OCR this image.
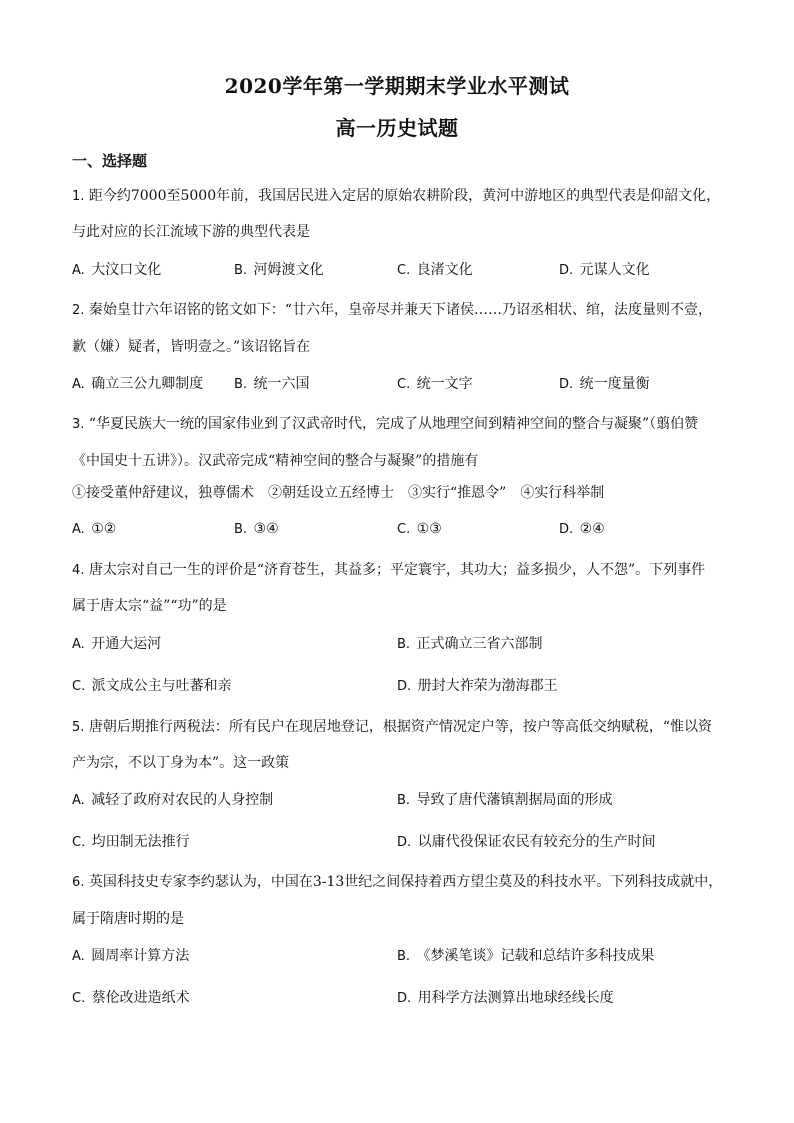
2020学年第一学期期末学业水平测试
高一历史试题
一、选择题
1. 距今约7000至5000年前，我国居民进入定居的原始农耕阶段，黄河中游地区的典型代表是仰韶文化，
与此对应的长江流域下游的典型代表是
A. 大汶口文化	B. 河姆渡文化	C. 良渚文化	D. 元谋人文化
2. 秦始皇廿六年诏铭的铭文如下：“廿六年，皇帝尽并兼天下诸侯……乃诏丞相状、绾，法度量则不壹，
歉（嫌）疑者，皆明壹之。”该诏铭旨在
A. 确立三公九卿制度 B. 统一六国	C. 统一文字	D. 统一度量衡
3. “华夏民族大一统的国家伟业到了汉武帝时代，完成了从地理空间到精神空间的整合与凝聚”（翦伯赞
《中国史十五讲》）。汉武帝完成“精神空间的整合与凝聚”的措施有
①接受董仲舒建议，独尊儒术　②朝廷设立五经博士　③实行“推恩令”　④实行科举制
A. ①②	B. ③④	C. ①③	D. ②④
4. 唐太宗对自己一生的评价是“济育苍生，其益多；平定寰宇，其功大；益多损少，人不怨”。下列事件
属于唐太宗“益”“功”的是
A. 开通大运河	B. 正式确立三省六部制
C. 派文成公主与吐蕃和亲	D. 册封大祚荣为渤海郡王
5. 唐朝后期推行两税法：所有民户在现居地登记，根据资产情况定户等，按户等高低交纳赋税，“惟以资
产为宗，不以丁身为本”。这一政策
A. 减轻了政府对农民的人身控制	B. 导致了唐代藩镇割据局面的形成
C. 均田制无法推行	D. 以庸代役保证农民有较充分的生产时间
6. 英国科技史专家李约瑟认为，中国在3-13世纪之间保持着西方望尘莫及的科技水平。下列科技成就中，
属于隋唐时期的是
A. 圆周率计算方法	B. 《梦溪笔谈》记载和总结许多科技成果
C. 蔡伦改进造纸术	D. 用科学方法测算出地球经线长度
